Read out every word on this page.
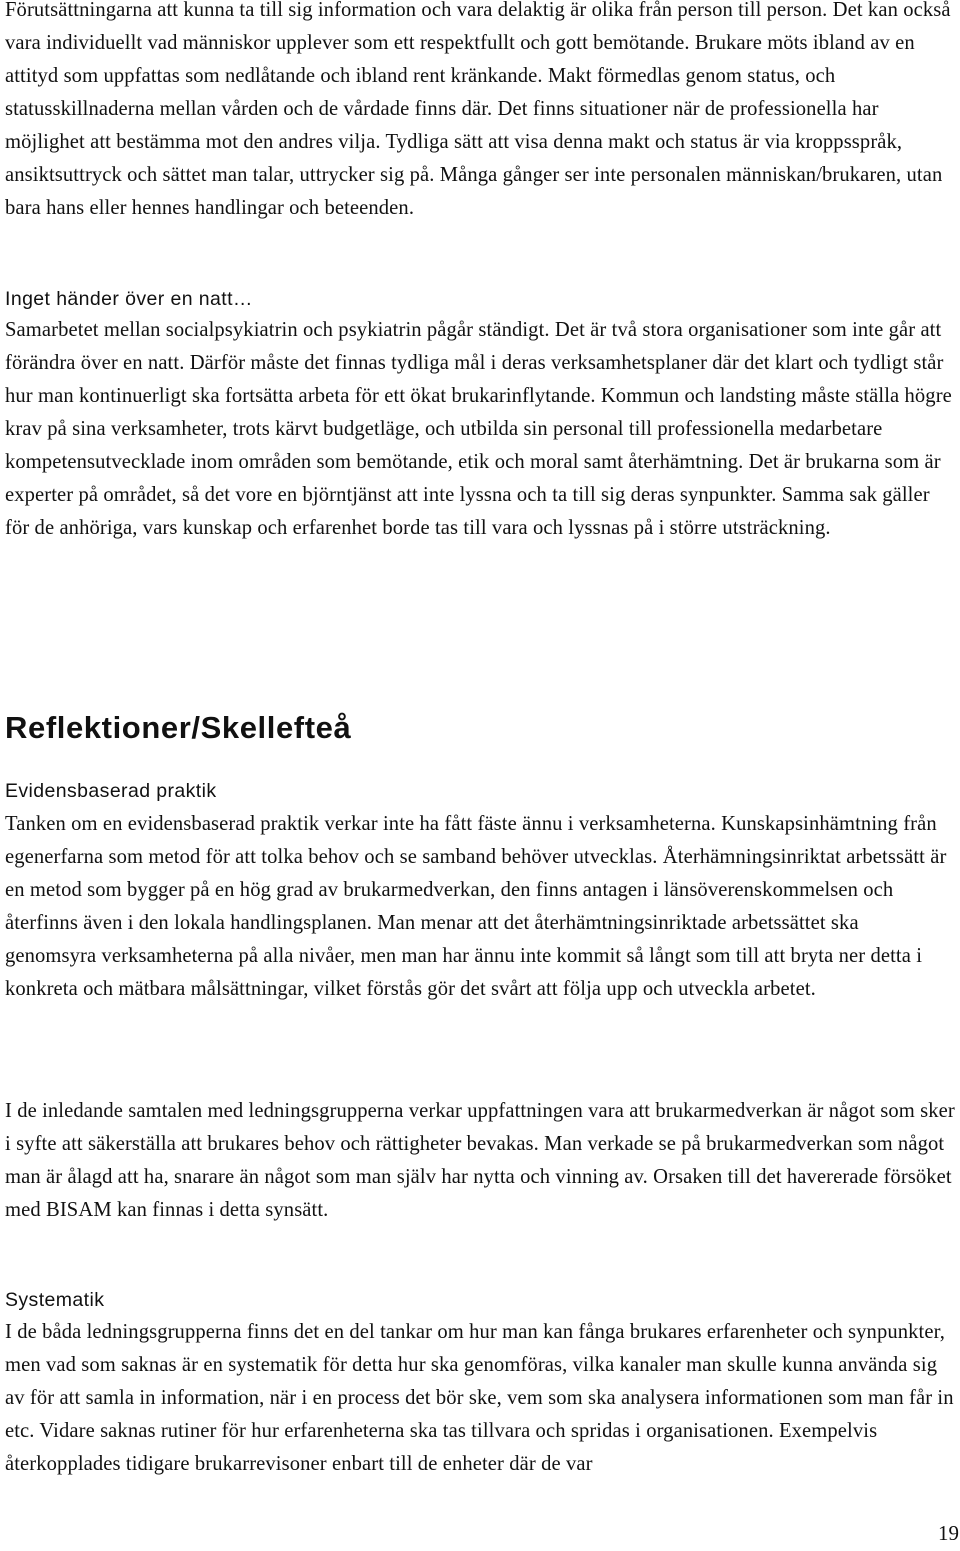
Förutsättningarna att kunna ta till sig information och vara delaktig är olika från person till person. Det kan också vara individuellt vad människor upplever som ett respektfullt och gott bemötande. Brukare möts ibland av en attityd som uppfattas som nedlåtande och ibland rent kränkande. Makt förmedlas genom status, och statusskillnaderna mellan vården och de vårdade finns där. Det finns situationer när de professionella har möjlighet att bestämma mot den andres vilja. Tydliga sätt att visa denna makt och status är via kroppsspråk, ansiktsuttryck och sättet man talar, uttrycker sig på. Många gånger ser inte personalen människan/brukaren, utan bara hans eller hennes handlingar och beteenden.

Inget händer över en natt…

Samarbetet mellan socialpsykiatrin och psykiatrin pågår ständigt. Det är två stora organisationer som inte går att förändra över en natt. Därför måste det finnas tydliga mål i deras verksamhetsplaner där det klart och tydligt står hur man kontinuerligt ska fortsätta arbeta för ett ökat brukarinflytande. Kommun och landsting måste ställa högre krav på sina verksamheter, trots kärvt budgetläge, och utbilda sin personal till professionella medarbetare kompetensutvecklade inom områden som bemötande, etik och moral samt återhämtning. Det är brukarna som är experter på området, så det vore en björntjänst att inte lyssna och ta till sig deras synpunkter. Samma sak gäller för de anhöriga, vars kunskap och erfarenhet borde tas till vara och lyssnas på i större utsträckning.

Reflektioner/Skellefteå
Evidensbaserad praktik

Tanken om en evidensbaserad praktik verkar inte ha fått fäste ännu i verksamheterna. Kunskapsinhämtning från egenerfarna som metod för att tolka behov och se samband behöver utvecklas. Återhämningsinriktat arbetssätt är en metod som bygger på en hög grad av brukarmedverkan, den finns antagen i länsöverenskommelsen och återfinns även i den lokala handlingsplanen. Man menar att det återhämtningsinriktade arbetssättet ska genomsyra verksamheterna på alla nivåer, men man har ännu inte kommit så långt som till att bryta ner detta i konkreta och mätbara målsättningar, vilket förstås gör det svårt att följa upp och utveckla arbetet.

I de inledande samtalen med ledningsgrupperna verkar uppfattningen vara att brukarmedverkan är något som sker i syfte att säkerställa att brukares behov och rättigheter bevakas. Man verkade se på brukarmedverkan som något man är ålagd att ha, snarare än något som man själv har nytta och vinning av. Orsaken till det havererade försöket med BISAM kan finnas i detta synsätt.

Systematik

I de båda ledningsgrupperna finns det en del tankar om hur man kan fånga brukares erfarenheter och synpunkter, men vad som saknas är en systematik för detta hur ska genomföras, vilka kanaler man skulle kunna använda sig av för att samla in information, när i en process det bör ske, vem som ska analysera informationen som man får in etc. Vidare saknas rutiner för hur erfarenheterna ska tas tillvara och spridas i organisationen. Exempelvis återkopplades tidigare brukarrevisoner enbart till de enheter där de var

19
